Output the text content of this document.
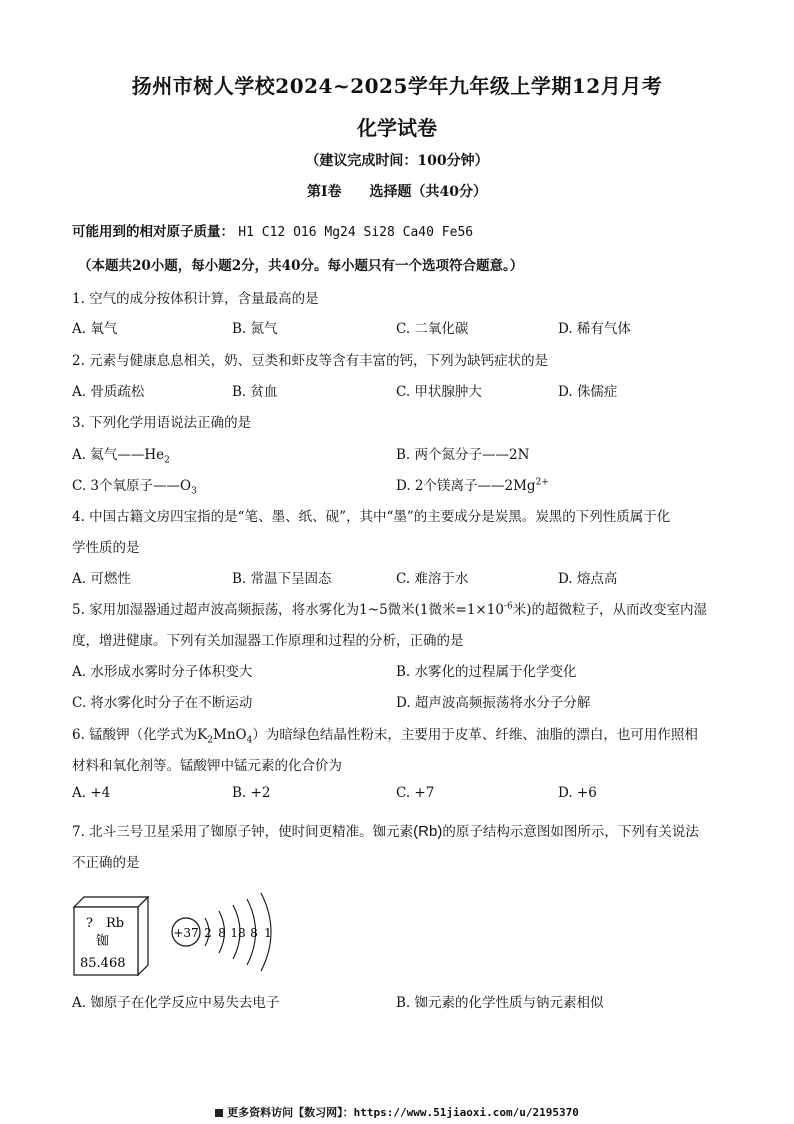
扬州市树人学校2024~2025学年九年级上学期12月月考
化学试卷
（建议完成时间：100分钟）
第Ⅰ卷 选择题（共40分）
可能用到的相对原子质量： H1 C12 O16 Mg24 Si28 Ca40 Fe56
（本题共20小题，每小题2分，共40分。每小题只有一个选项符合题意。）
1. 空气的成分按体积计算，含量最高的是
A. 氧气	B. 氮气	C. 二氧化碳	D. 稀有气体
2. 元素与健康息息相关，奶、豆类和虾皮等含有丰富的钙，下列为缺钙症状的是
A. 骨质疏松	B. 贫血	C. 甲状腺肿大	D. 侏儒症
3. 下列化学用语说法正确的是
A. 氦气$——He_2$	B. 两个氮分子——2N
C. 3个氧原子$——O_3$	D. 2个镁离子$——2Mg^{2+}$
4. 中国古籍文房四宝指的是“笔、墨、纸、砚”，其中“墨”的主要成分是炭黑。炭黑的下列性质属于化
学性质的是
A. 可燃性	B. 常温下呈固态	C. 难溶于水	D. 熔点高
5. 家用加湿器通过超声波高频振荡，将水雾化为1~5微米(1微米$=1\times 10^{-6}$米)的超微粒子，从而改变室内湿
度，增进健康。下列有关加湿器工作原理和过程的分析，正确的是
A. 水形成水雾时分子体积变大	B. 水雾化的过程属于化学变化
C. 将水雾化时分子在不断运动	D. 超声波高频振荡将水分子分解
6. 锰酸钾（化学式为$K_2MnO_4$）为暗绿色结晶性粉末，主要用于皮革、纤维、油脂的漂白，也可用作照相
材料和氧化剂等。锰酸钾中锰元素的化合价为
A. +4	B. +2	C. +7	D. +6
7. 北斗三号卫星采用了铷原子钟，使时间更精准。铷元素(Rb)的原子结构示意图如图所示，下列有关说法
不正确的是
? Rb
铷
85.468
+37 2 8 18 8 1
A. 铷原子在化学反应中易失去电子	B. 铷元素的化学性质与钠元素相似
更多资料访问【数习网】：https://www.51jiaoxi.com/u/2195370
